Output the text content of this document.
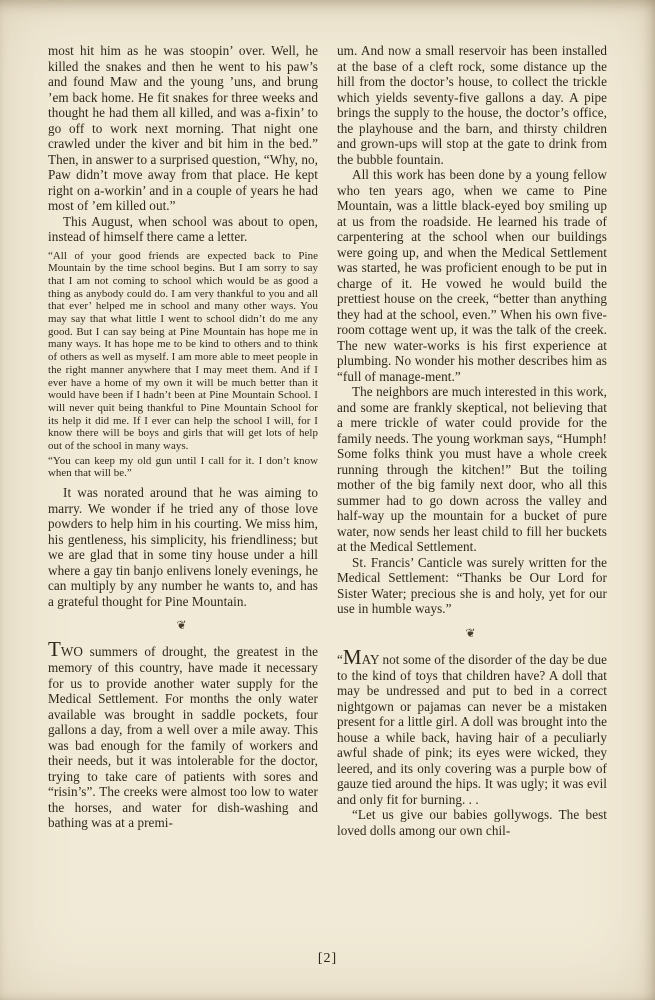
most hit him as he was stoopin’ over. Well, he killed the snakes and then he went to his paw’s and found Maw and the young ’uns, and brung ’em back home. He fit snakes for three weeks and thought he had them all killed, and was a-fixin’ to go off to work next morning. That night one crawled under the kiver and bit him in the bed.” Then, in answer to a surprised question, “Why, no, Paw didn’t move away from that place. He kept right on a-workin’ and in a couple of years he had most of ’em killed out.”

This August, when school was about to open, instead of himself there came a letter.

“All of your good friends are expected back to Pine Mountain by the time school begins. But I am sorry to say that I am not coming to school which would be as good a thing as anybody could do. I am very thankful to you and all that ever’ helped me in school and many other ways. You may say that what little I went to school didn’t do me any good. But I can say being at Pine Mountain has hope me in many ways. It has hope me to be kind to others and to think of others as well as myself. I am more able to meet people in the right manner anywhere that I may meet them. And if I ever have a home of my own it will be much better than it would have been if I hadn’t been at Pine Mountain School. I will never quit being thankful to Pine Mountain School for its help it did me. If I ever can help the school I will, for I know there will be boys and girls that will get lots of help out of the school in many ways.

“You can keep my old gun until I call for it. I don’t know when that will be.”

It was norated around that he was aiming to marry. We wonder if he tried any of those love powders to help him in his courting. We miss him, his gentleness, his simplicity, his friendliness; but we are glad that in some tiny house under a hill where a gay tin banjo enlivens lonely evenings, he can multiply by any number he wants to, and has a grateful thought for Pine Mountain.

❦

TWO summers of drought, the greatest in the memory of this country, have made it necessary for us to provide another water supply for the Medical Settlement. For months the only water available was brought in saddle pockets, four gallons a day, from a well over a mile away. This was bad enough for the family of workers and their needs, but it was intolerable for the doctor, trying to take care of patients with sores and “risin’s”. The creeks were almost too low to water the horses, and water for dish-washing and bathing was at a premi-

um. And now a small reservoir has been installed at the base of a cleft rock, some distance up the hill from the doctor’s house, to collect the trickle which yields seventy-five gallons a day. A pipe brings the supply to the house, the doctor’s office, the playhouse and the barn, and thirsty children and grown-ups will stop at the gate to drink from the bubble fountain.

All this work has been done by a young fellow who ten years ago, when we came to Pine Mountain, was a little black-eyed boy smiling up at us from the roadside. He learned his trade of carpentering at the school when our buildings were going up, and when the Medical Settlement was started, he was proficient enough to be put in charge of it. He vowed he would build the prettiest house on the creek, “better than anything they had at the school, even.” When his own five-room cottage went up, it was the talk of the creek. The new water-works is his first experience at plumbing. No wonder his mother describes him as “full of manage-ment.”

The neighbors are much interested in this work, and some are frankly skeptical, not believing that a mere trickle of water could provide for the family needs. The young workman says, “Humph! Some folks think you must have a whole creek running through the kitchen!” But the toiling mother of the big family next door, who all this summer had to go down across the valley and half-way up the mountain for a bucket of pure water, now sends her least child to fill her buckets at the Medical Settlement.

St. Francis’ Canticle was surely written for the Medical Settlement: “Thanks be Our Lord for Sister Water; precious she is and holy, yet for our use in humble ways.”

❦

“MAY not some of the disorder of the day be due to the kind of toys that children have? A doll that may be undressed and put to bed in a correct nightgown or pajamas can never be a mistaken present for a little girl. A doll was brought into the house a while back, having hair of a peculiarly awful shade of pink; its eyes were wicked, they leered, and its only covering was a purple bow of gauze tied around the hips. It was ugly; it was evil and only fit for burning. . .

“Let us give our babies gollywogs. The best loved dolls among our own chil-

[2]
